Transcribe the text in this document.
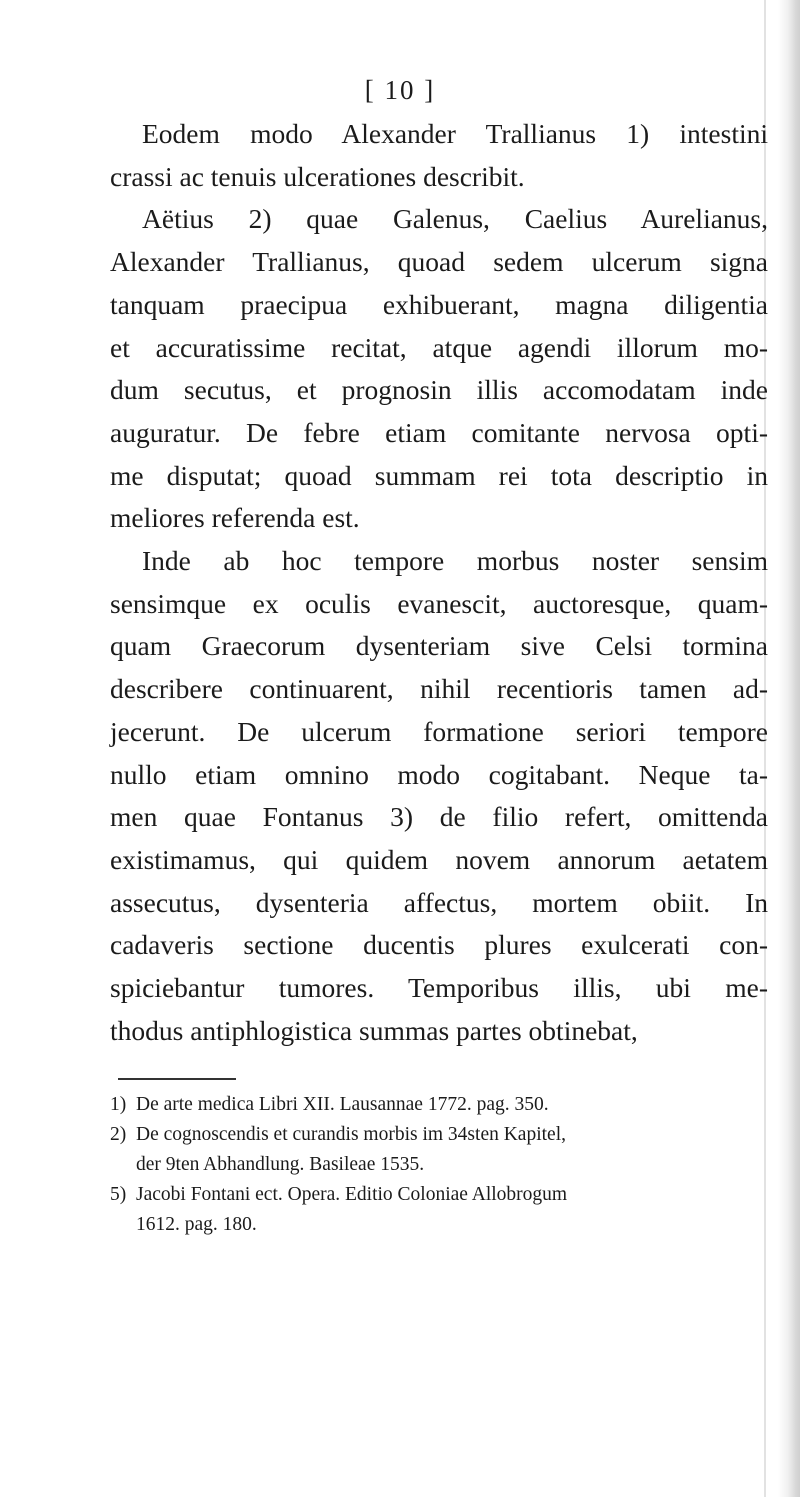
[ 10 ]

Eodem modo Alexander Trallianus 1) intestini
crassi ac tenuis ulcerationes describit.

Aëtius 2) quae Galenus, Caelius Aurelianus,
Alexander Trallianus, quoad sedem ulcerum signa
tanquam praecipua exhibuerant, magna diligentia
et accuratissime recitat, atque agendi illorum mo-
dum secutus, et prognosin illis accomodatam inde
auguratur. De febre etiam comitante nervosa opti-
me disputat; quoad summam rei tota descriptio in
meliores referenda est.

Inde ab hoc tempore morbus noster sensim
sensimque ex oculis evanescit, auctoresque, quam-
quam Graecorum dysenteriam sive Celsi tormina
describere continuarent, nihil recentioris tamen ad-
jecerunt. De ulcerum formatione seriori tempore
nullo etiam omnino modo cogitabant. Neque ta-
men quae Fontanus 3) de filio refert, omittenda
existimamus, qui quidem novem annorum aetatem
assecutus, dysenteria affectus, mortem obiit. In
cadaveris sectione ducentis plures exulcerati con-
spiciebantur tumores. Temporibus illis, ubi me-
thodus antiphlogistica summas partes obtinebat,

1) De arte medica Libri XII. Lausannae 1772. pag. 350.
2) De cognoscendis et curandis morbis im 34sten Kapitel,
der 9ten Abhandlung. Basileae 1535.
5) Jacobi Fontani ect. Opera. Editio Coloniae Allobrogum
1612. pag. 180.
